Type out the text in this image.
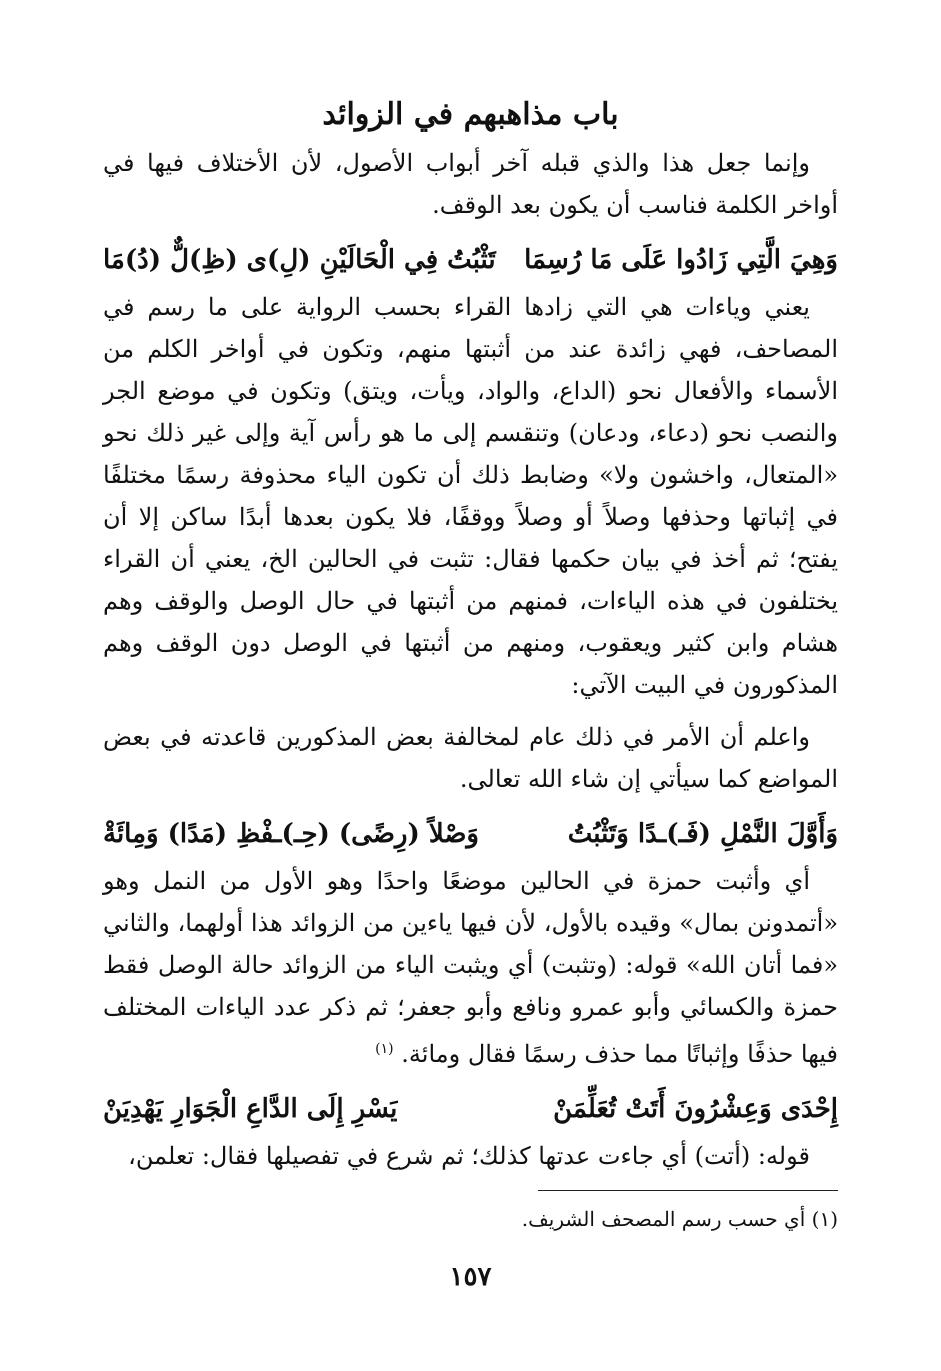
باب مذاهبهم في الزوائد

وإنما جعل هذا والذي قبله آخر أبواب الأصول، لأن الأختلاف فيها في أواخر الكلمة فناسب أن يكون بعد الوقف.

وَهِيَ الَّتِي زَادُوا عَلَى مَا رُسِمَا
تَثْبُتُ فِي الْحَالَيْنِ (لِ)ى (ظِ)لٌّ (دُ)مَا

يعني وياءات هي التي زادها القراء بحسب الرواية على ما رسم في المصاحف، فهي زائدة عند من أثبتها منهم، وتكون في أواخر الكلم من الأسماء والأفعال نحو (الداع، والواد، ويأت، ويتق) وتكون في موضع الجر والنصب نحو (دعاء، ودعان) وتنقسم إلى ما هو رأس آية وإلى غير ذلك نحو «المتعال، واخشون ولا» وضابط ذلك أن تكون الياء محذوفة رسمًا مختلفًا في إثباتها وحذفها وصلاً أو وصلاً ووقفًا، فلا يكون بعدها أبدًا ساكن إلا أن يفتح؛ ثم أخذ في بيان حكمها فقال: تثبت في الحالين الخ، يعني أن القراء يختلفون في هذه الياءات، فمنهم من أثبتها في حال الوصل والوقف وهم هشام وابن كثير ويعقوب، ومنهم من أثبتها في الوصل دون الوقف وهم المذكورون في البيت الآتي:

واعلم أن الأمر في ذلك عام لمخالفة بعض المذكورين قاعدته في بعض المواضع كما سيأتي إن شاء الله تعالى.

وَأَوَّلَ النَّمْلِ (فَـ)ـدًا وَتَثْبُتُ
وَصْلاً (رِضًى) (حِـ)ـفْظِ (مَدًا) وَمِائَةْ

أي وأثبت حمزة في الحالين موضعًا واحدًا وهو الأول من النمل وهو «أتمدونن بمال» وقيده بالأول، لأن فيها ياءين من الزوائد هذا أولهما، والثاني «فما أتان الله» قوله: (وتثبت) أي ويثبت الياء من الزوائد حالة الوصل فقط حمزة والكسائي وأبو عمرو ونافع وأبو جعفر؛ ثم ذكر عدد الياءات المختلف فيها حذفًا وإثباتًا مما حذف رسمًا فقال ومائة. $^{(١)}$

إِحْدَى وَعِشْرُونَ أَتَتْ تُعَلِّمَنْ
يَسْرِ إِلَى الدَّاعِ الْجَوَارِ يَهْدِيَنْ

قوله: (أتت) أي جاءت عدتها كذلك؛ ثم شرع في تفصيلها فقال: تعلمن،

(١) أي حسب رسم المصحف الشريف.
١٥٧
